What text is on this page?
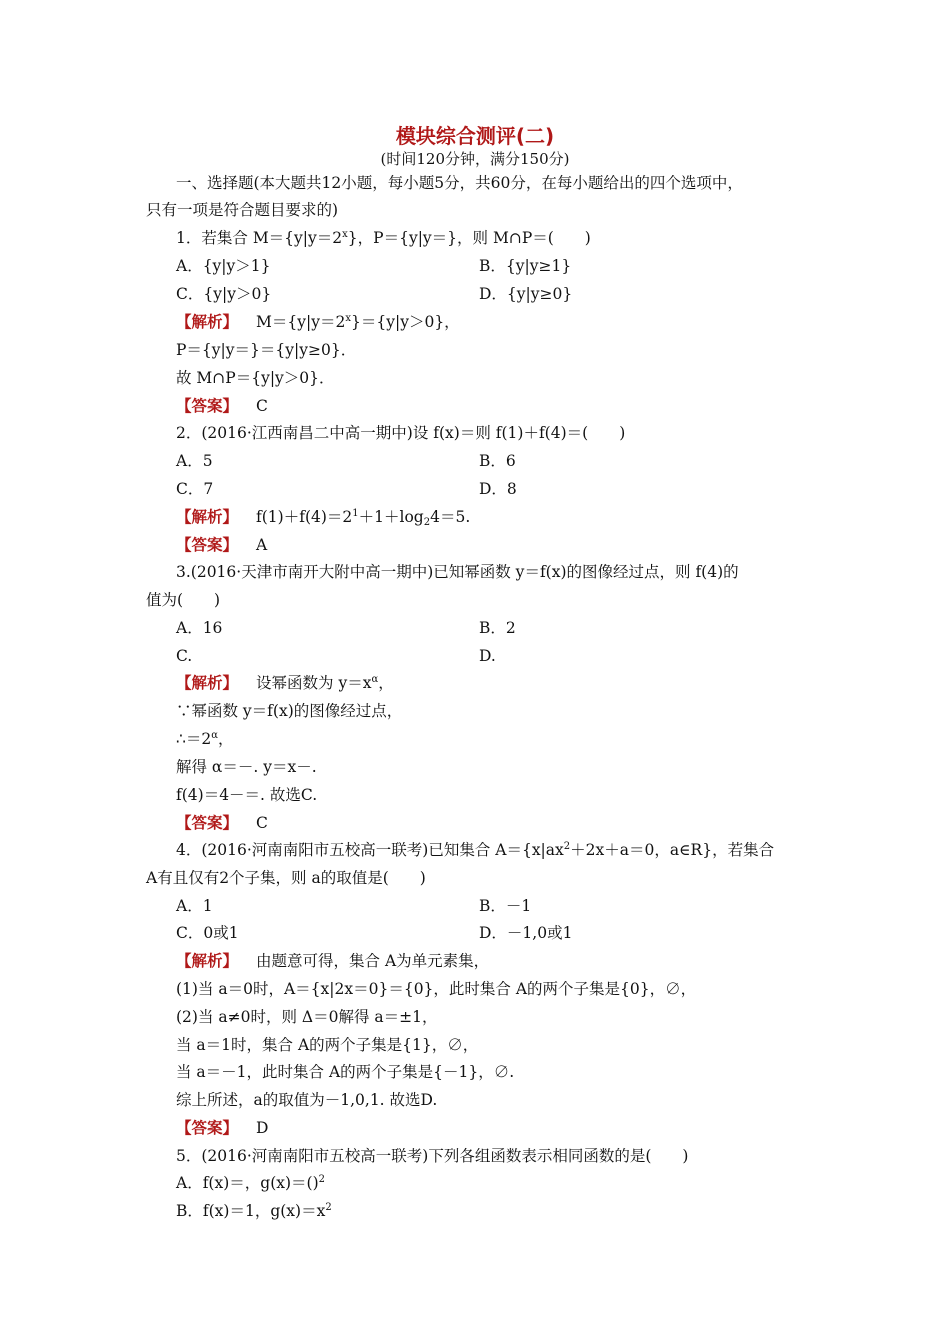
模块综合测评(二)
(时间120分钟，满分150分)
一、选择题(本大题共12小题，每小题5分，共60分，在每小题给出的四个选项中，
只有一项是符合题目要求的)
1．若集合 $M=\{y|y=2^x\}$，P＝{y|y＝}，则 M∩P＝(　　)
A．{y|y＞1}	B．{y|y≥1}
C．{y|y＞0}	D．{y|y≥0}
【解析】 $M=\{y|y=2^x\}=\{y|y>0\}$，
P＝{y|y＝}＝{y|y≥0}．
故 M∩P＝{y|y＞0}．
【答案】 C
2．(2016·江西南昌二中高一期中)设 f(x)＝则 f(1)＋f(4)＝(　　)
A．5	B．6
C．7	D．8
【解析】 $f(1)+f(4)=2^1+1+\log_24=5$.
【答案】 A
3.(2016·天津市南开大附中高一期中)已知幂函数 y＝f(x)的图像经过点，则 f(4)的
值为(　　)
A．16	B．2
C.	D.
【解析】 设幂函数为 $y=x^\alpha$，
∵幂函数 y＝f(x)的图像经过点，
$\therefore=2^\alpha$，
解得 α＝－. y＝x－.
f(4)＝4－＝. 故选C.
【答案】 C
4．(2016·河南南阳市五校高一联考)已知集合 $A=\{x|ax^2+2x+a=0$，a∈R}，若集合
A有且仅有2个子集，则 a的取值是(　　)
A．1	B．－1
C．0或1	D．－1,0或1
【解析】 由题意可得，集合 A为单元素集，
(1)当 a＝0时，A＝{x|2x＝0}＝{0}，此时集合 A的两个子集是{0}，∅，
(2)当 a≠0时，则 Δ＝0解得 a＝±1，
当 a＝1时，集合 A的两个子集是{1}，∅，
当 a＝－1，此时集合 A的两个子集是{－1}，∅.
综上所述，a的取值为－1,0,1. 故选D.
【答案】 D
5．(2016·河南南阳市五校高一联考)下列各组函数表示相同函数的是(　　)
A．f(x)＝，g(x)＝()$^2$
B．f(x)＝1，$g(x)=x^2$
